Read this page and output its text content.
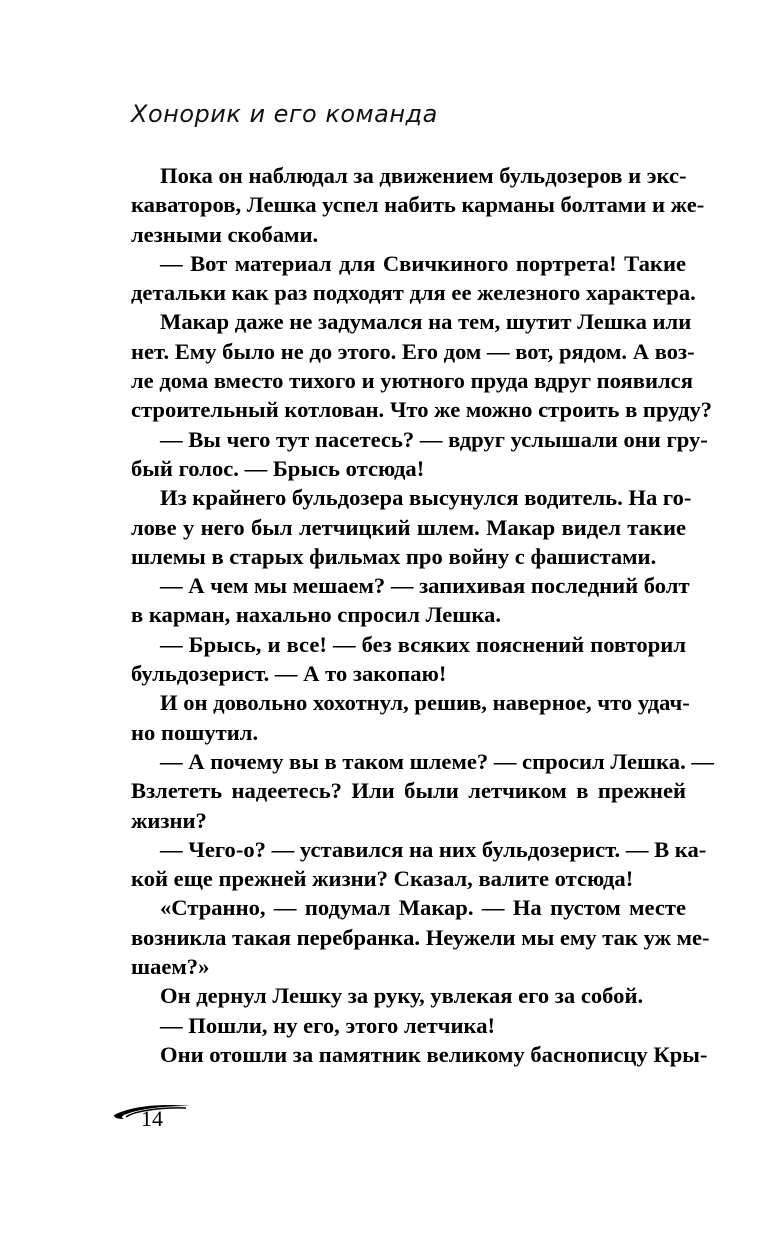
Хонорик и его команда
Пока он наблюдал за движением бульдозеров и экс-
каваторов, Лешка успел набить карманы болтами и же-
лезными скобами.
— Вот материал для Свичкиного портрета! Такие
детальки как раз подходят для ее железного характера.
Макар даже не задумался на тем, шутит Лешка или
нет. Ему было не до этого. Его дом — вот, рядом. А воз-
ле дома вместо тихого и уютного пруда вдруг появился
строительный котлован. Что же можно строить в пруду?
— Вы чего тут пасетесь? — вдруг услышали они гру-
бый голос. — Брысь отсюда!
Из крайнего бульдозера высунулся водитель. На го-
лове у него был летчицкий шлем. Макар видел такие
шлемы в старых фильмах про войну с фашистами.
— А чем мы мешаем? — запихивая последний болт
в карман, нахально спросил Лешка.
— Брысь, и все! — без всяких пояснений повторил
бульдозерист. — А то закопаю!
И он довольно хохотнул, решив, наверное, что удач-
но пошутил.
— А почему вы в таком шлеме? — спросил Лешка. —
Взлететь надеетесь? Или были летчиком в прежней
жизни?
— Чего-о? — уставился на них бульдозерист. — В ка-
кой еще прежней жизни? Сказал, валите отсюда!
«Странно, — подумал Макар. — На пустом месте
возникла такая перебранка. Неужели мы ему так уж ме-
шаем?»
Он дернул Лешку за руку, увлекая его за собой.
— Пошли, ну его, этого летчика!
Они отошли за памятник великому баснописцу Кры-
14
